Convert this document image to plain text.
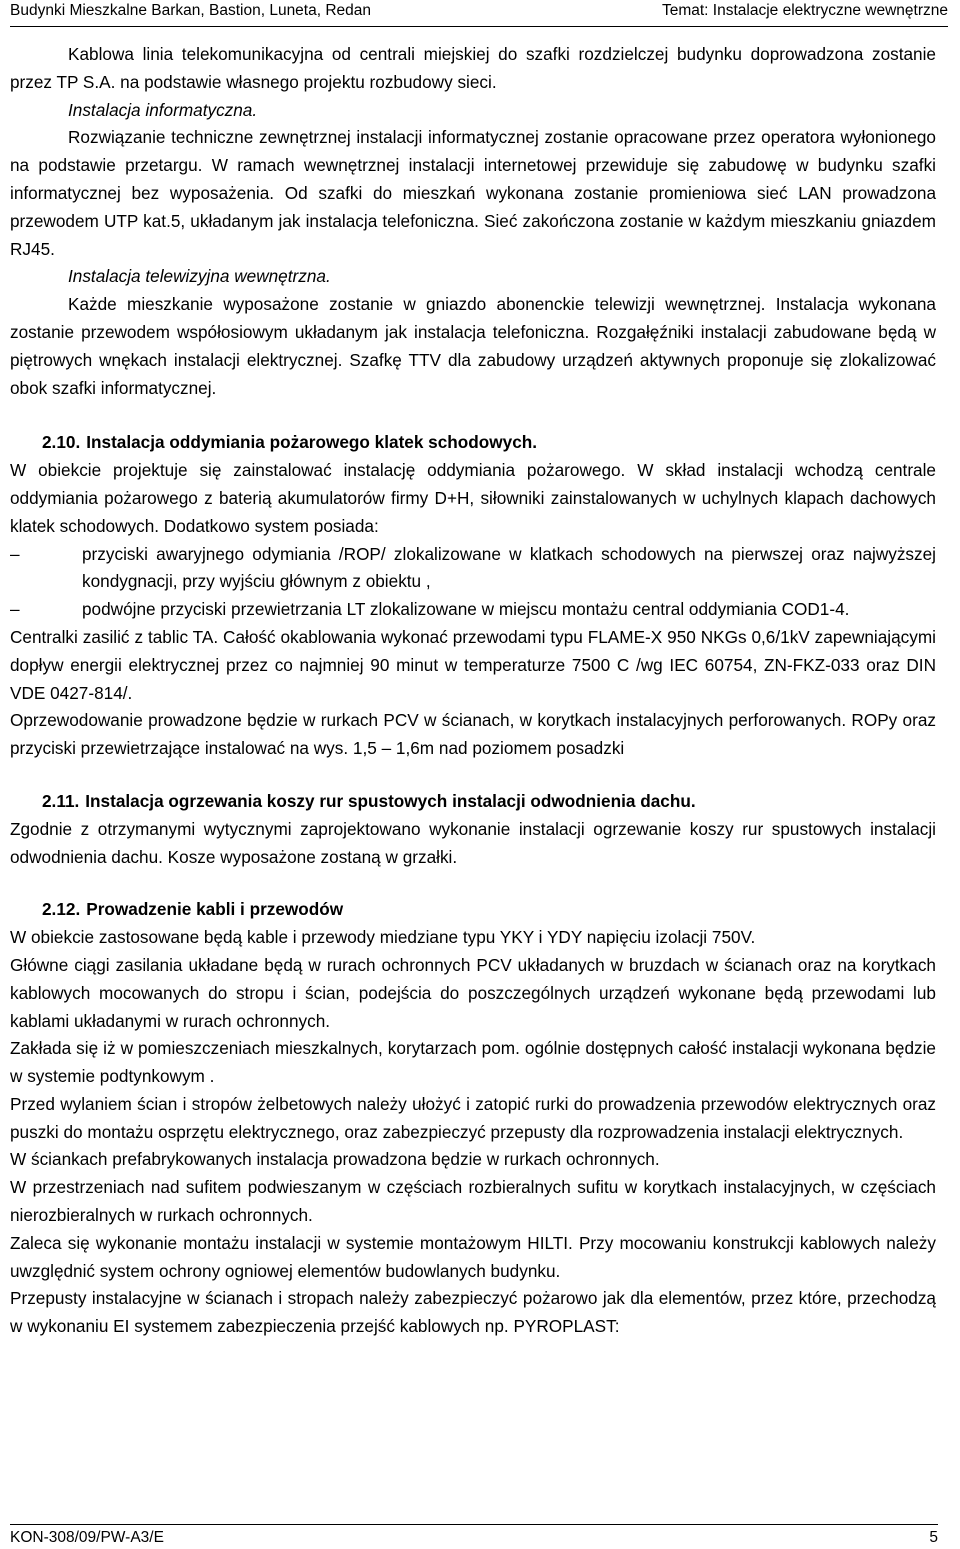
Budynki Mieszkalne Barkan, Bastion, Luneta, Redan	Temat: Instalacje elektryczne wewnętrzne

Kablowa linia telekomunikacyjna od centrali miejskiej do szafki rozdzielczej budynku doprowadzona zostanie przez TP S.A. na podstawie własnego projektu rozbudowy sieci.

Instalacja informatyczna.

Rozwiązanie techniczne zewnętrznej instalacji informatycznej zostanie opracowane przez operatora wyłonionego na podstawie przetargu. W ramach wewnętrznej instalacji internetowej przewiduje się zabudowę w budynku szafki informatycznej bez wyposażenia. Od szafki do mieszkań wykonana zostanie promieniowa sieć LAN prowadzona przewodem UTP kat.5, układanym jak instalacja telefoniczna. Sieć zakończona zostanie w każdym mieszkaniu gniazdem RJ45.

Instalacja telewizyjna wewnętrzna.

Każde mieszkanie wyposażone zostanie w gniazdo abonenckie telewizji wewnętrznej. Instalacja wykonana zostanie przewodem współosiowym układanym jak instalacja telefoniczna. Rozgałęźniki instalacji zabudowane będą w piętrowych wnękach instalacji elektrycznej. Szafkę TTV dla zabudowy urządzeń aktywnych proponuje się zlokalizować obok szafki informatycznej.

2.10. Instalacja oddymiania pożarowego klatek schodowych.

W obiekcie projektuje się zainstalować instalację oddymiania pożarowego. W skład instalacji wchodzą centrale oddymiania pożarowego z baterią akumulatorów firmy D+H, siłowniki zainstalowanych w uchylnych klapach dachowych klatek schodowych. Dodatkowo system posiada:

–	przyciski awaryjnego odymiania /ROP/ zlokalizowane w klatkach schodowych na pierwszej oraz najwyższej kondygnacji, przy wyjściu głównym z obiektu ,

–	podwójne przyciski przewietrzania LT zlokalizowane w miejscu montażu central oddymiania COD1-4.

Centralki zasilić z tablic TA. Całość okablowania wykonać przewodami typu FLAME-X 950 NKGs 0,6/1kV zapewniającymi dopływ energii elektrycznej przez co najmniej 90 minut w temperaturze 7500 C /wg IEC 60754, ZN-FKZ-033 oraz DIN VDE 0427-814/.

Oprzewodowanie prowadzone będzie w rurkach PCV w ścianach, w korytkach instalacyjnych perforowanych. ROPy oraz przyciski przewietrzające instalować na wys. 1,5 – 1,6m nad poziomem posadzki

2.11. Instalacja ogrzewania koszy rur spustowych instalacji odwodnienia dachu.

Zgodnie z otrzymanymi wytycznymi zaprojektowano wykonanie instalacji ogrzewanie koszy rur spustowych instalacji odwodnienia dachu. Kosze wyposażone zostaną w grzałki.

2.12. Prowadzenie kabli i przewodów

W obiekcie zastosowane będą kable i przewody miedziane typu YKY i YDY napięciu izolacji 750V.

Główne ciągi zasilania układane będą w rurach ochronnych PCV układanych w bruzdach w ścianach oraz na korytkach kablowych mocowanych do stropu i ścian, podejścia do poszczególnych urządzeń wykonane będą przewodami lub kablami układanymi w rurach ochronnych.

Zakłada się iż w pomieszczeniach mieszkalnych, korytarzach pom. ogólnie dostępnych całość instalacji wykonana będzie w systemie podtynkowym .

Przed wylaniem ścian i stropów żelbetowych należy ułożyć i zatopić rurki do prowadzenia przewodów elektrycznych oraz puszki do montażu osprzętu elektrycznego, oraz zabezpieczyć przepusty dla rozprowadzenia instalacji elektrycznych.

W ściankach prefabrykowanych instalacja prowadzona będzie w rurkach ochronnych.

W przestrzeniach nad sufitem podwieszanym w częściach rozbieralnych sufitu w korytkach instalacyjnych, w częściach nierozbieralnych w rurkach ochronnych.

Zaleca się wykonanie montażu instalacji w systemie montażowym HILTI. Przy mocowaniu konstrukcji kablowych należy uwzględnić system ochrony ogniowej elementów budowlanych budynku.

Przepusty instalacyjne w ścianach i stropach należy zabezpieczyć pożarowo jak dla elementów, przez które, przechodzą w wykonaniu EI systemem zabezpieczenia przejść kablowych np. PYROPLAST:

KON-308/09/PW-A3/E	5
